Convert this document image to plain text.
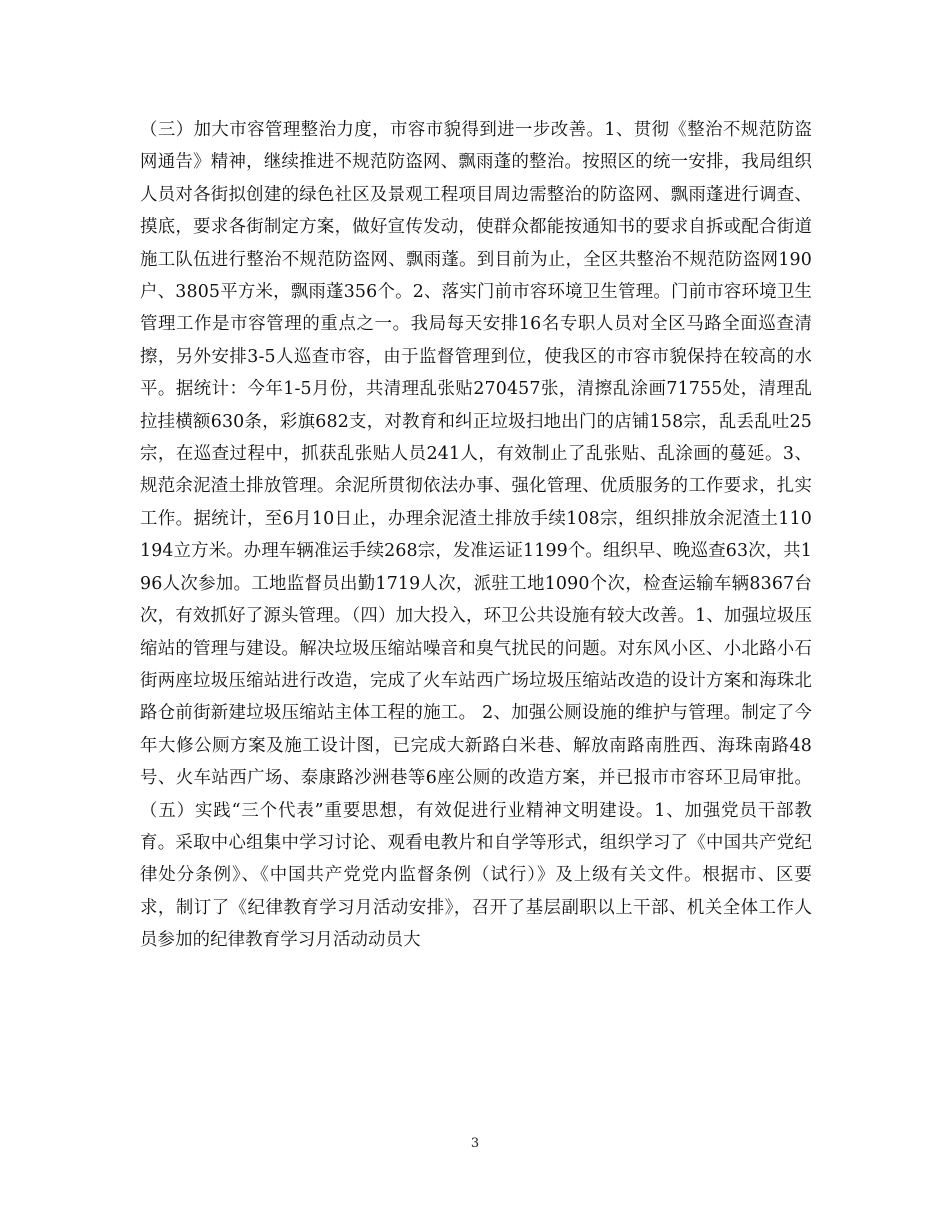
（三）加大市容管理整治力度，市容市貌得到进一步改善。1、贯彻《整治不规范防盗网通告》精神，继续推进不规范防盗网、飘雨蓬的整治。按照区的统一安排，我局组织人员对各街拟创建的绿色社区及景观工程项目周边需整治的防盗网、飘雨蓬进行调查、摸底，要求各街制定方案，做好宣传发动，使群众都能按通知书的要求自拆或配合街道施工队伍进行整治不规范防盗网、飘雨蓬。到目前为止，全区共整治不规范防盗网190户、3805平方米，飘雨蓬356个。2、落实门前市容环境卫生管理。门前市容环境卫生管理工作是市容管理的重点之一。我局每天安排16名专职人员对全区马路全面巡查清擦，另外安排3-5人巡查市容，由于监督管理到位，使我区的市容市貌保持在较高的水平。据统计：今年1-5月份，共清理乱张贴270457张，清擦乱涂画71755处，清理乱拉挂横额630条，彩旗682支，对教育和纠正垃圾扫地出门的店铺158宗，乱丢乱吐25宗，在巡查过程中，抓获乱张贴人员241人，有效制止了乱张贴、乱涂画的蔓延。3、规范余泥渣土排放管理。余泥所贯彻依法办事、强化管理、优质服务的工作要求，扎实工作。据统计，至6月10日止，办理余泥渣土排放手续108宗，组织排放余泥渣土110194立方米。办理车辆准运手续268宗，发准运证1199个。组织早、晚巡查63次，共196人次参加。工地监督员出勤1719人次，派驻工地1090个次，检查运输车辆8367台次，有效抓好了源头管理。（四）加大投入，环卫公共设施有较大改善。1、加强垃圾压缩站的管理与建设。解决垃圾压缩站噪音和臭气扰民的问题。对东风小区、小北路小石街两座垃圾压缩站进行改造，完成了火车站西广场垃圾压缩站改造的设计方案和海珠北路仓前街新建垃圾压缩站主体工程的施工。 2、加强公厕设施的维护与管理。制定了今年大修公厕方案及施工设计图，已完成大新路白米巷、解放南路南胜西、海珠南路48号、火车站西广场、泰康路沙洲巷等6座公厕的改造方案，并已报市市容环卫局审批。 （五）实践“三个代表”重要思想，有效促进行业精神文明建设。1、加强党员干部教育。采取中心组集中学习讨论、观看电教片和自学等形式，组织学习了《中国共产党纪律处分条例》、《中国共产党党内监督条例（试行）》及上级有关文件。根据市、区要求，制订了《纪律教育学习月活动安排》，召开了基层副职以上干部、机关全体工作人员参加的纪律教育学习月活动动员大

3
